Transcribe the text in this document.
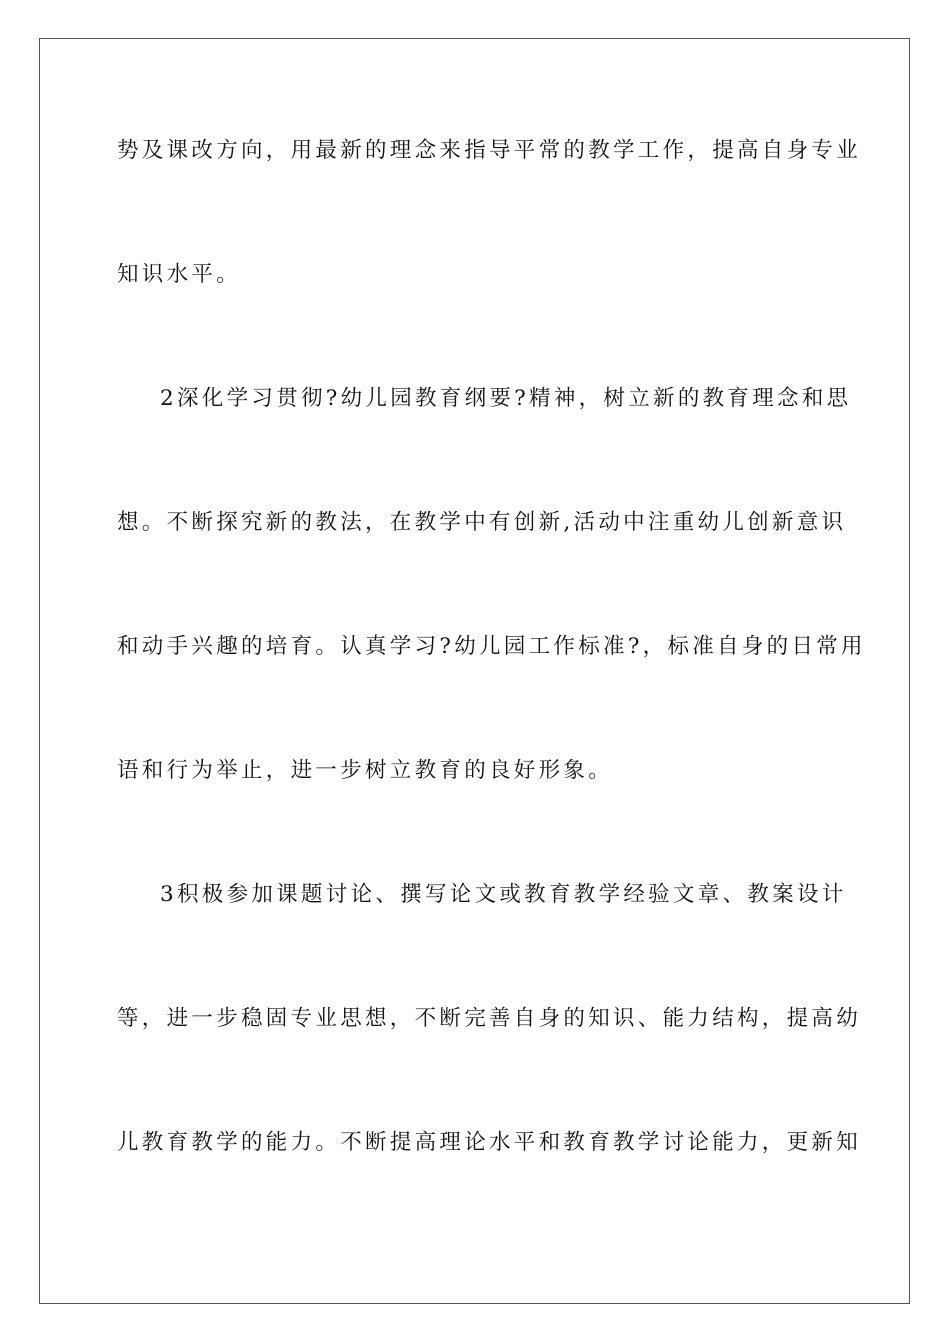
势及课改方向，用最新的理念来指导平常的教学工作，提高自身专业
知识水平。
2深化学习贯彻?幼儿园教育纲要?精神，树立新的教育理念和思
想。不断探究新的教法，在教学中有创新,活动中注重幼儿创新意识
和动手兴趣的培育。认真学习?幼儿园工作标准?，标准自身的日常用
语和行为举止，进一步树立教育的良好形象。
3积极参加课题讨论、撰写论文或教育教学经验文章、教案设计
等，进一步稳固专业思想，不断完善自身的知识、能力结构，提高幼
儿教育教学的能力。不断提高理论水平和教育教学讨论能力，更新知
